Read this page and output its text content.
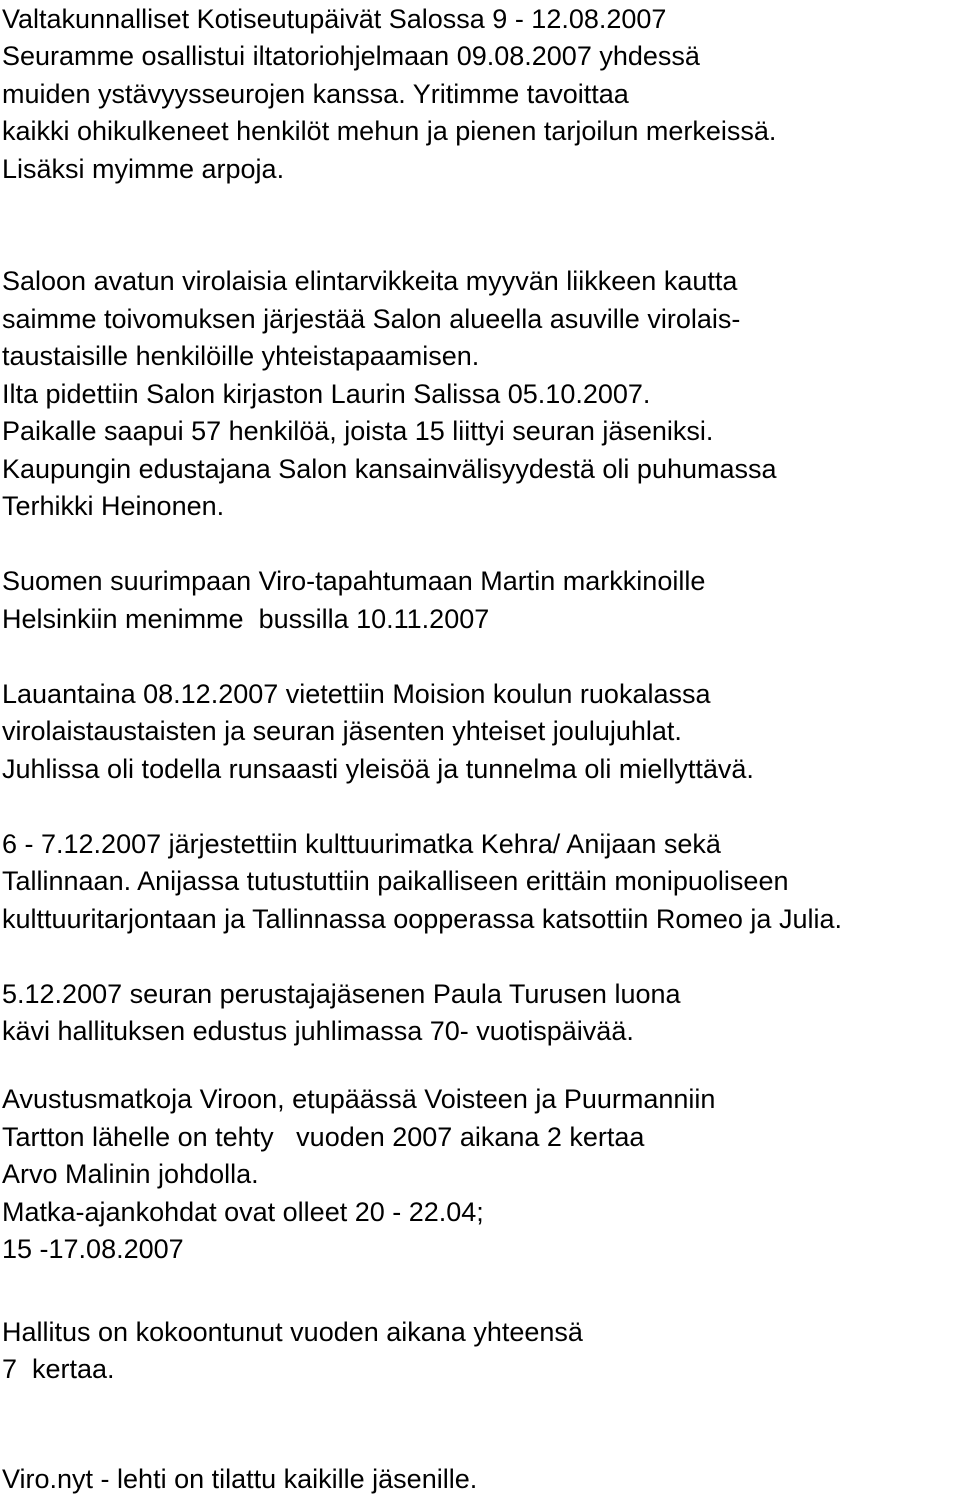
Valtakunnalliset Kotiseutupäivät Salossa 9 - 12.08.2007

Seuramme osallistui iltatoriohjelmaan 09.08.2007 yhdessä

muiden ystävyysseurojen kanssa. Yritimme tavoittaa

kaikki ohikulkeneet henkilöt mehun ja pienen tarjoilun merkeissä.

Lisäksi myimme arpoja.

Saloon avatun virolaisia elintarvikkeita myyvän liikkeen kautta

saimme toivomuksen järjestää Salon alueella asuville virolais-

taustaisille henkilöille yhteistapaamisen.

Ilta pidettiin Salon kirjaston Laurin Salissa 05.10.2007.

Paikalle saapui 57 henkilöä, joista 15 liittyi seuran jäseniksi.

Kaupungin edustajana Salon kansainvälisyydestä oli puhumassa

Terhikki Heinonen.

Suomen suurimpaan Viro-tapahtumaan Martin markkinoille

Helsinkiin menimme  bussilla 10.11.2007

Lauantaina 08.12.2007 vietettiin Moision koulun ruokalassa

virolaistaustaisten ja seuran jäsenten yhteiset joulujuhlat.

Juhlissa oli todella runsaasti yleisöä ja tunnelma oli miellyttävä.

6 - 7.12.2007 järjestettiin kulttuurimatka Kehra/ Anijaan sekä

Tallinnaan. Anijassa tutustuttiin paikalliseen erittäin monipuoliseen

kulttuuritarjontaan ja Tallinnassa oopperassa katsottiin Romeo ja Julia.

5.12.2007 seuran perustajajäsenen Paula Turusen luona

kävi hallituksen edustus juhlimassa 70- vuotispäivää.

Avustusmatkoja Viroon, etupäässä Voisteen ja Puurmanniin

Tartton lähelle on tehty   vuoden 2007 aikana 2 kertaa

Arvo Malinin johdolla.

Matka-ajankohdat ovat olleet 20 - 22.04;

15 -17.08.2007

Hallitus on kokoontunut vuoden aikana yhteensä

7  kertaa.

Viro.nyt - lehti on tilattu kaikille jäsenille.
